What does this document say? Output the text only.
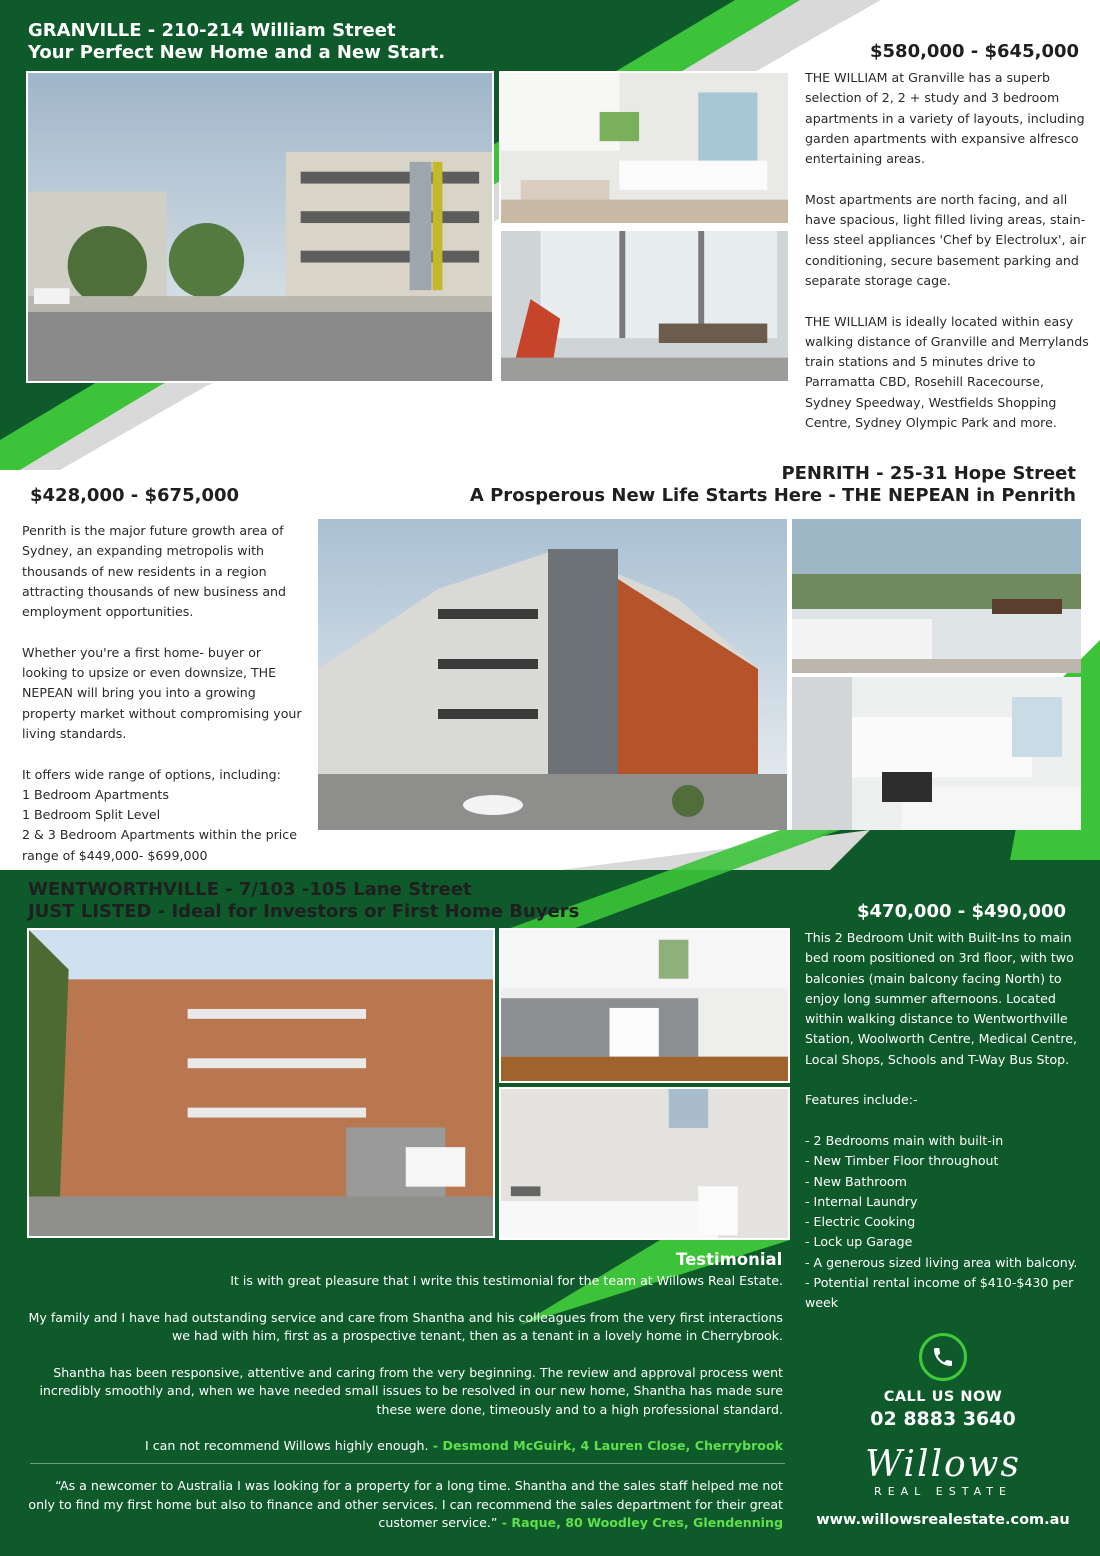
GRANVILLE - 210-214 William Street
Your Perfect New Home and a New Start.	$580,000 - $645,000

THE WILLIAM at Granville has a superb selection of 2, 2 + study and 3 bedroom apartments in a variety of layouts, including garden apartments with expansive alfresco entertaining areas.

Most apartments are north facing, and all have spacious, light filled living areas, stain-less steel appliances 'Chef by Electrolux', air conditioning, secure basement parking and separate storage cage.

THE WILLIAM is ideally located within easy walking distance of Granville and Merrylands train stations and 5 minutes drive to Parramatta CBD, Rosehill Racecourse, Sydney Speedway, Westfields Shopping Centre, Sydney Olympic Park and more.

PENRITH - 25-31 Hope Street
A Prosperous New Life Starts Here - THE NEPEAN in Penrith
$428,000 - $675,000

Penrith is the major future growth area of Sydney, an expanding metropolis with thousands of new residents in a region attracting thousands of new business and employment opportunities.

Whether you're a first home- buyer or looking to upsize or even downsize, THE NEPEAN will bring you into a growing property market without compromising your living standards.

It offers wide range of options, including:
1 Bedroom Apartments
1 Bedroom Split Level
2 & 3 Bedroom Apartments within the price range of $449,000- $699,000
WENTWORTHVILLE - 7/103 -105 Lane Street
JUST LISTED - Ideal for Investors or First Home Buyers	$470,000 - $490,000

This 2 Bedroom Unit with Built-Ins to main bed room positioned on 3rd floor, with two balconies (main balcony facing North) to enjoy long summer afternoons. Located within walking distance to Wentworthville Station, Woolworth Centre, Medical Centre, Local Shops, Schools and T-Way Bus Stop.

Features include:-

- 2 Bedrooms main with built-in
- New Timber Floor throughout
- New Bathroom
- Internal Laundry
- Electric Cooking
- Lock up Garage
- A generous sized living area with balcony.
- Potential rental income of $410-$430 per week
Testimonial

It is with great pleasure that I write this testimonial for the team at Willows Real Estate.

My family and I have had outstanding service and care from Shantha and his colleagues from the very first interactions we had with him, first as a prospective tenant, then as a tenant in a lovely home in Cherrybrook.

Shantha has been responsive, attentive and caring from the very beginning. The review and approval process went incredibly smoothly and, when we have needed small issues to be resolved in our new home, Shantha has made sure these were done, timeously and to a high professional standard.

I can not recommend Willows highly enough. - Desmond McGuirk, 4 Lauren Close, Cherrybrook

“As a newcomer to Australia I was looking for a property for a long time. Shantha and the sales staff helped me not only to find my first home but also to finance and other services. I can recommend the sales department for their great customer service.” - Raque, 80 Woodley Cres, Glendenning
CALL US NOW
02 8883 3640
Willows
REAL ESTATE
www.willowsrealestate.com.au
